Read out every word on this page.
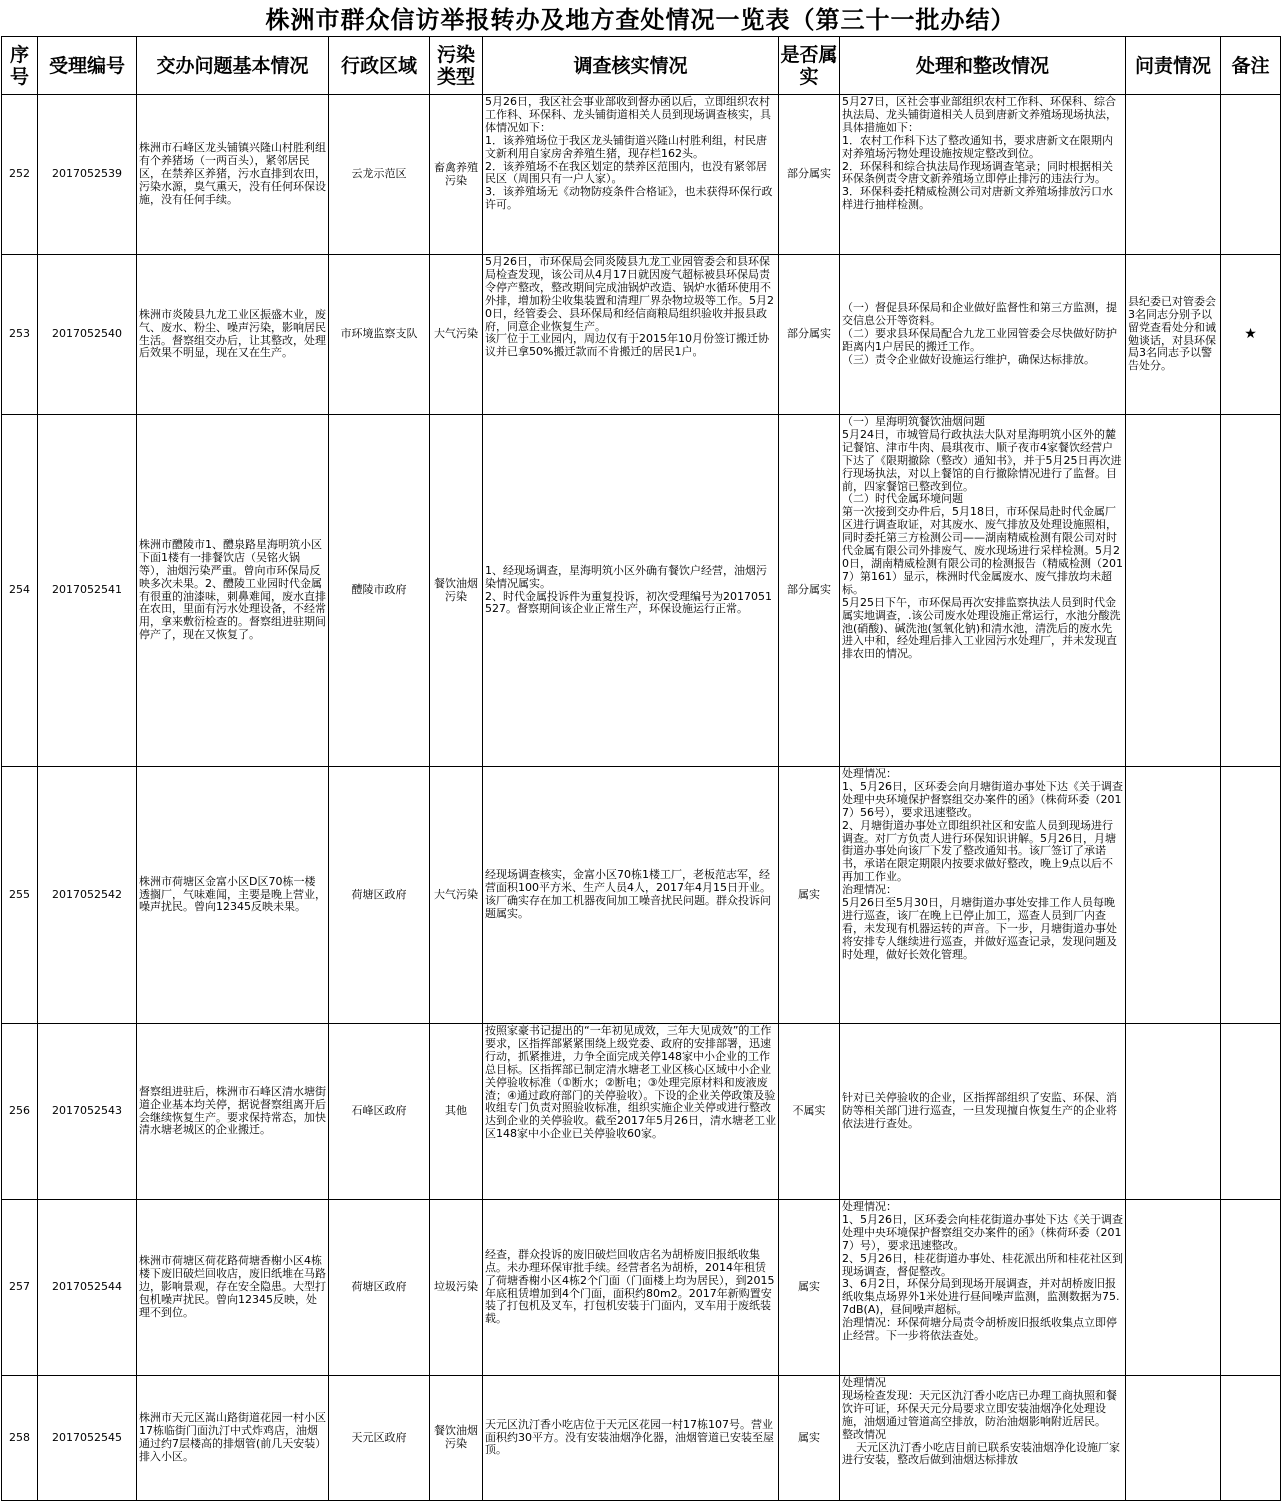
株洲市群众信访举报转办及地方查处情况一览表（第三十一批办结）
序号	受理编号	交办问题基本情况	行政区域	污染类型	调查核实情况	是否属实	处理和整改情况	问责情况	备注
252	2017052539	株洲市石峰区龙头铺镇兴隆山村胜利组有个养猪场（一两百头），紧邻居民区，在禁养区养猪，污水直排到农田，污染水源，臭气熏天，没有任何环保设施，没有任何手续。	云龙示范区	畜禽养殖污染	5月26日，我区社会事业部收到督办函以后，立即组织农村工作科、环保科、龙头铺街道相关人员到现场调查核实，具体情况如下：
1．该养殖场位于我区龙头铺街道兴隆山村胜利组，村民唐文新利用自家房舍养殖生猪，现存栏162头。
2．该养殖场不在我区划定的禁养区范围内，也没有紧邻居民区（周围只有一户人家）。
3．该养殖场无《动物防疫条件合格证》，也未获得环保行政许可。	部分属实	5月27日，区社会事业部组织农村工作科、环保科、综合执法局、龙头铺街道相关人员到唐新文养殖场现场执法，具体措施如下：
1．农村工作科下达了整改通知书，要求唐新文在限期内对养殖场污物处理设施按规定整改到位。
2．环保科和综合执法局作现场调查笔录；同时根据相关环保条例责令唐文新养殖场立即停止排污的违法行为。
3．环保科委托精威检测公司对唐新文养殖场排放污口水样进行抽样检测。		
253	2017052540	株洲市炎陵县九龙工业区振盛木业，废气、废水、粉尘、噪声污染，影响居民生活。督察组交办后，让其整改，处理后效果不明显，现在又在生产。	市环境监察支队	大气污染	5月26日，市环保局会同炎陵县九龙工业园管委会和县环保局检查发现，该公司从4月17日就因废气超标被县环保局责令停产整改，整改期间完成油锅炉改造、锅炉水循环使用不外排，增加粉尘收集装置和清理厂界杂物垃圾等工作。5月20日，经管委会、县环保局和经信商粮局组织验收并报县政府，同意企业恢复生产。
该厂位于工业园内，周边仅有于2015年10月份签订搬迁协议并已拿50%搬迁款而不肯搬迁的居民1户。	部分属实	（一）督促县环保局和企业做好监督性和第三方监测，提交信息公开等资料。
（二）要求县环保局配合九龙工业园管委会尽快做好防护距离内1户居民的搬迁工作。
（三）责令企业做好设施运行维护，确保达标排放。	县纪委已对管委会3名同志分别予以留党查看处分和诫勉谈话，对县环保局3名同志予以警告处分。	★
254	2017052541	株洲市醴陵市1、醴泉路星海明筑小区下面1楼有一排餐饮店（吴铭火锅等），油烟污染严重。曾向市环保局反映多次未果。2、醴陵工业园时代金属有很重的油漆味，刺鼻难闻，废水直排在农田，里面有污水处理设备，不经常用，拿来敷衍检查的。督察组进驻期间停产了，现在又恢复了。	醴陵市政府	餐饮油烟污染	1、经现场调查，星海明筑小区外确有餐饮户经营，油烟污染情况属实。
2、时代金属投诉件为重复投诉，初次受理编号为2017051527。督察期间该企业正常生产，环保设施运行正常。	部分属实	（一）星海明筑餐饮油烟问题
5月24日，市城管局行政执法大队对星海明筑小区外的麓记餐馆、津市牛肉、晨琪夜市、顺子夜市4家餐饮经营户下达了《限期撤除（整改）通知书》，并于5月25日再次进行现场执法，对以上餐馆的自行撤除情况进行了监督。目前，四家餐馆已整改到位。
（二）时代金属环境问题
第一次接到交办件后，5月18日，市环保局赴时代金属厂区进行调查取证，对其废水、废气排放及处理设施照相，同时委托第三方检测公司——湖南精威检测有限公司对时代金属有限公司外排废气、废水现场进行采样检测。5月20日，湖南精威检测有限公司的检测报告（精威检测（2017）第161）显示，株洲时代金属废水、废气排放均未超标。
5月25日下午，市环保局再次安排监察执法人员到时代金属实地调查，.该公司废水处理设施正常运行，水池分酸洗池(硝酸)、碱洗池(氢氧化钠)和清水池，清洗后的废水先进入中和，经处理后排入工业园污水处理厂，并未发现直排农田的情况。		
255	2017052542	株洲市荷塘区金富小区D区70栋一楼透搁厂，气味难闻，主要是晚上营业，噪声扰民。曾向12345反映未果。	荷塘区政府	大气污染	经现场调查核实，金富小区70栋1楼工厂，老板范志军，经营面积100平方米、生产人员4人，2017年4月15日开业。该厂确实存在加工机器夜间加工噪音扰民问题。群众投诉问题属实。	属实	处理情况：
1、5月26日，区环委会向月塘街道办事处下达《关于调查处理中央环境保护督察组交办案件的函》（株荷环委（2017）56号），要求迅速整改。
2、月塘街道办事处立即组织社区和安监人员到现场进行调查。对厂方负责人进行环保知识讲解。5月26日，月塘街道办事处向该厂下发了整改通知书。该厂签订了承诺书，承诺在限定期限内按要求做好整改，晚上9点以后不再加工作业。
治理情况：
5月26日至5月30日，月塘街道办事处安排工作人员每晚进行巡查，该厂在晚上已停止加工，巡查人员到厂内查看，未发现有机器运转的声音。下一步，月塘街道办事处将安排专人继续进行巡查，并做好巡查记录，发现问题及时处理，做好长效化管理。		
256	2017052543	督察组进驻后，株洲市石峰区清水塘街道企业基本均关停，据说督察组离开后会继续恢复生产。要求保持常态，加快清水塘老城区的企业搬迁。	石峰区政府	其他	按照家豪书记提出的“一年初见成效，三年大见成效”的工作要求，区指挥部紧紧围绕上级党委、政府的安排部署，迅速行动，抓紧推进，力争全面完成关停148家中小企业的工作总目标。区指挥部已制定清水塘老工业区核心区域中小企业关停验收标准（①断水；②断电；③处理完原材料和废液废渣；④通过政府部门的关停验收）。下设的企业关停政策及验收组专门负责对照验收标准，组织实施企业关停或进行整改达到企业的关停验收。截至2017年5月26日，清水塘老工业区148家中小企业已关停验收60家。	不属实	针对已关停验收的企业，区指挥部组织了安监、环保、消防等相关部门进行巡查，一旦发现擅自恢复生产的企业将依法进行查处。		
257	2017052544	株洲市荷塘区荷花路荷塘香榭小区4栋楼下废旧破烂回收店，废旧纸堆在马路边，影响景观，存在安全隐患。大型打包机噪声扰民。曾向12345反映，处理不到位。	荷塘区政府	垃圾污染	经查，群众投诉的废旧破烂回收店名为胡桥废旧报纸收集点。未办理环保审批手续。经营者名为胡桥，2014年租赁了荷塘香榭小区4栋2个门面（门面楼上均为居民），到2015年底租赁增加到4个门面，面积约80m2。2017年新购置安装了打包机及叉车，打包机安装于门面内，叉车用于废纸装载。	属实	处理情况：
1、5月26日，区环委会向桂花街道办事处下达《关于调查处理中央环境保护督察组交办案件的函》（株荷环委（2017）号），要求迅速整改。
2、5月26日，桂花街道办事处、桂花派出所和桂花社区到现场调查，督促整改。
3、6月2日，环保分局到现场开展调查，并对胡桥废旧报纸收集点场界外1米处进行昼间噪声监测，监测数据为75.7dB(A)，昼间噪声超标。
治理情况：环保荷塘分局责令胡桥废旧报纸收集点立即停止经营。下一步将依法查处。		
258	2017052545	株洲市天元区嵩山路街道花园一村小区17栋临街门面氿汀中式炸鸡店，油烟通过约7层楼高的排烟管(前几天安装）排入小区。	天元区政府	餐饮油烟污染	天元区氿汀香小吃店位于天元区花园一村17栋107号。营业面积约30平方。没有安装油烟净化器，油烟管道已安装至屋顶。	属实	处理情况
现场检查发现：天元区氿汀香小吃店已办理工商执照和餐饮许可证，环保天元分局要求立即安装油烟净化处理设施，油烟通过管道高空排放，防治油烟影响附近居民。
整改情况
天元区氿汀香小吃店目前已联系安装油烟净化设施厂家进行安装，整改后做到油烟达标排放		
